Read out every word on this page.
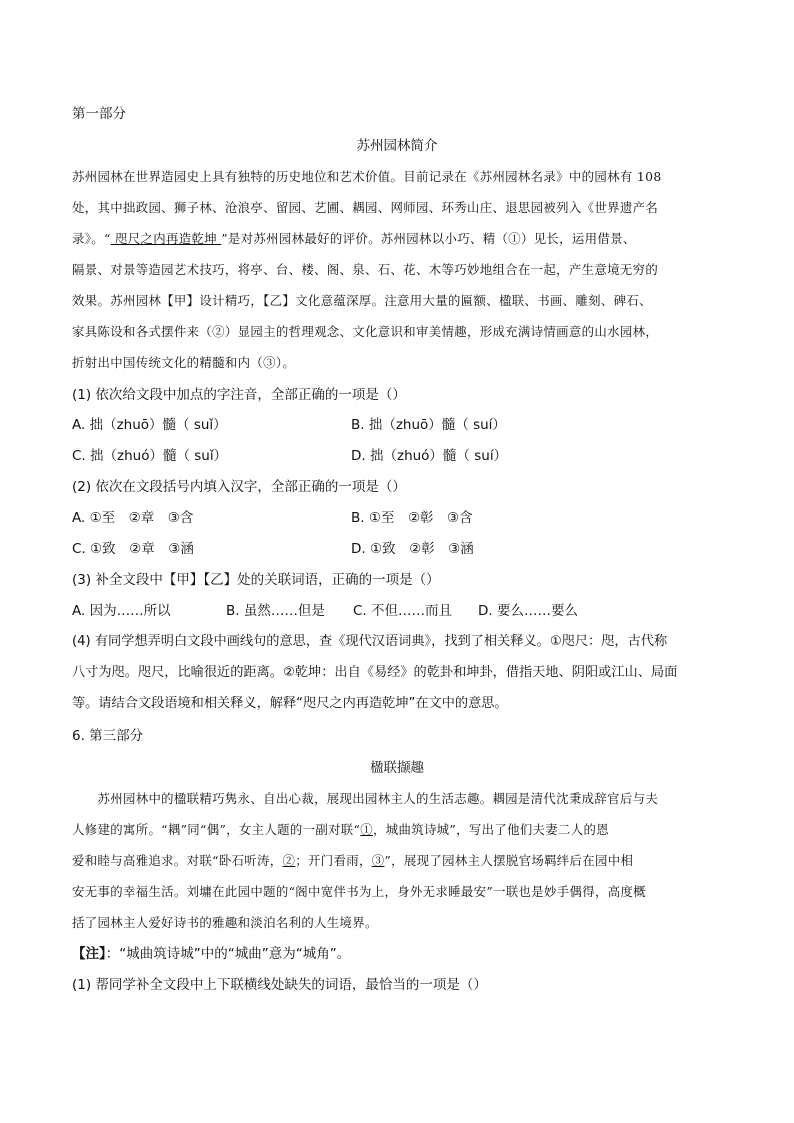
第一部分
苏州园林简介
苏州园林在世界造园史上具有独特的历史地位和艺术价值。目前记录在《苏州园林名录》中的园林有 108
处，其中拙政园、狮子林、沧浪亭、留园、艺圃、耦园、网师园、环秀山庄、退思园被列入《世界遗产名
录》。“ 咫尺之内再造乾坤 ”是对苏州园林最好的评价。苏州园林以小巧、精（①）见长，运用借景、
隔景、对景等造园艺术技巧，将亭、台、楼、阁、泉、石、花、木等巧妙地组合在一起，产生意境无穷的
效果。苏州园林【甲】设计精巧，【乙】文化意蕴深厚。注意用大量的匾额、楹联、书画、雕刻、碑石、
家具陈设和各式摆件来（②）显园主的哲理观念、文化意识和审美情趣，形成充满诗情画意的山水园林，
折射出中国传统文化的精髓和内（③）。
(1) 依次给文段中加点的字注音，全部正确的一项是（）
A. 拙（zhuō）髓（ suǐ）	B. 拙（zhuō）髓（ suí）
C. 拙（zhuó）髓（ suǐ）	D. 拙（zhuó）髓（ suí）
(2) 依次在文段括号内填入汉字，全部正确的一项是（）
A. ①至　②章　③含	B. ①至　②彰　③含
C. ①致　②章　③涵	D. ①致　②彰　③涵
(3) 补全文段中【甲】【乙】处的关联词语，正确的一项是（）
A. 因为……所以	B. 虽然……但是 C. 不但……而且 D. 要么……要么
(4) 有同学想弄明白文段中画线句的意思，查《现代汉语词典》，找到了相关释义。①咫尺：咫，古代称
八寸为咫。咫尺，比喻很近的距离。②乾坤：出自《易经》的乾卦和坤卦，借指天地、阴阳或江山、局面
等。请结合文段语境和相关释义，解释“咫尺之内再造乾坤”在文中的意思。
6. 第三部分
楹联撷趣
　　苏州园林中的楹联精巧隽永、自出心裁，展现出园林主人的生活志趣。耦园是清代沈秉成辞官后与夫
人修建的寓所。“耦”同“偶”，女主人题的一副对联“①，城曲筑诗城”，写出了他们夫妻二人的恩
爱和睦与高雅追求。对联“卧石听涛，②；开门看雨，③”，展现了园林主人摆脱官场羁绊后在园中相
安无事的幸福生活。刘墉在此园中题的“阁中宽伴书为上，身外无求睡最安”一联也是妙手偶得，高度概
括了园林主人爱好诗书的雅趣和淡泊名利的人生境界。
【注】：“城曲筑诗城”中的“城曲”意为“城角”。
(1) 帮同学补全文段中上下联横线处缺失的词语，最恰当的一项是（）
